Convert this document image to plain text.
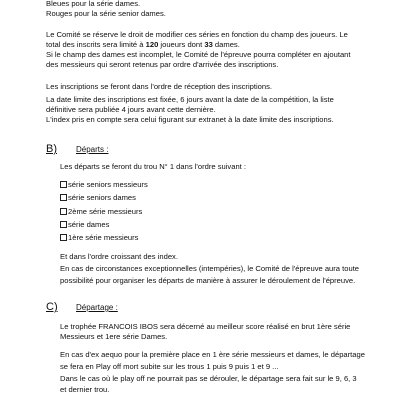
Bleues pour la série dames.
Rouges pour la série senior dames.
Le Comité se réserve le droit de modifier ces séries en fonction du champ des joueurs. Le
total des inscrits sera limité à 120 joueurs dont 33 dames.
Si le champ des dames est incomplet, le Comité de l'épreuve pourra compléter en ajoutant
des messieurs qui seront retenus par ordre d'arrivée des inscriptions.
Les inscriptions se feront dans l'ordre de réception des inscriptions.
La date limite des inscriptions est fixée, 6 jours avant la date de la compétition, la liste
définitive sera publiée 4 jours avant cette dernière.
L'index pris en compte sera celui figurant sur extranet à la date limite des inscriptions.
B) Départs :
Les départs se feront du trou N° 1 dans l'ordre suivant :
série seniors messieurs
série seniors dames
2ème série messieurs
série dames
1ère série messieurs
Et dans l'ordre croissant des index.
En cas de circonstances exceptionnelles (intempéries), le Comité de l'épreuve aura toute
possibilité pour organiser les départs de manière à assurer le déroulement de l'épreuve.
C) Départage :
Le trophée FRANCOIS IBOS sera décerné au meilleur score réalisé en brut 1ère série
Messieurs et 1ere série Dames.
En cas d'ex aequo pour la première place en 1 ère série messieurs et dames, le départage
se fera en Play off mort subite sur les trous 1 puis 9 puis 1 et 9 ...
Dans le cas où le play off ne pourrait pas se dérouler, le départage sera fait sur le 9, 6, 3
et dernier trou.
